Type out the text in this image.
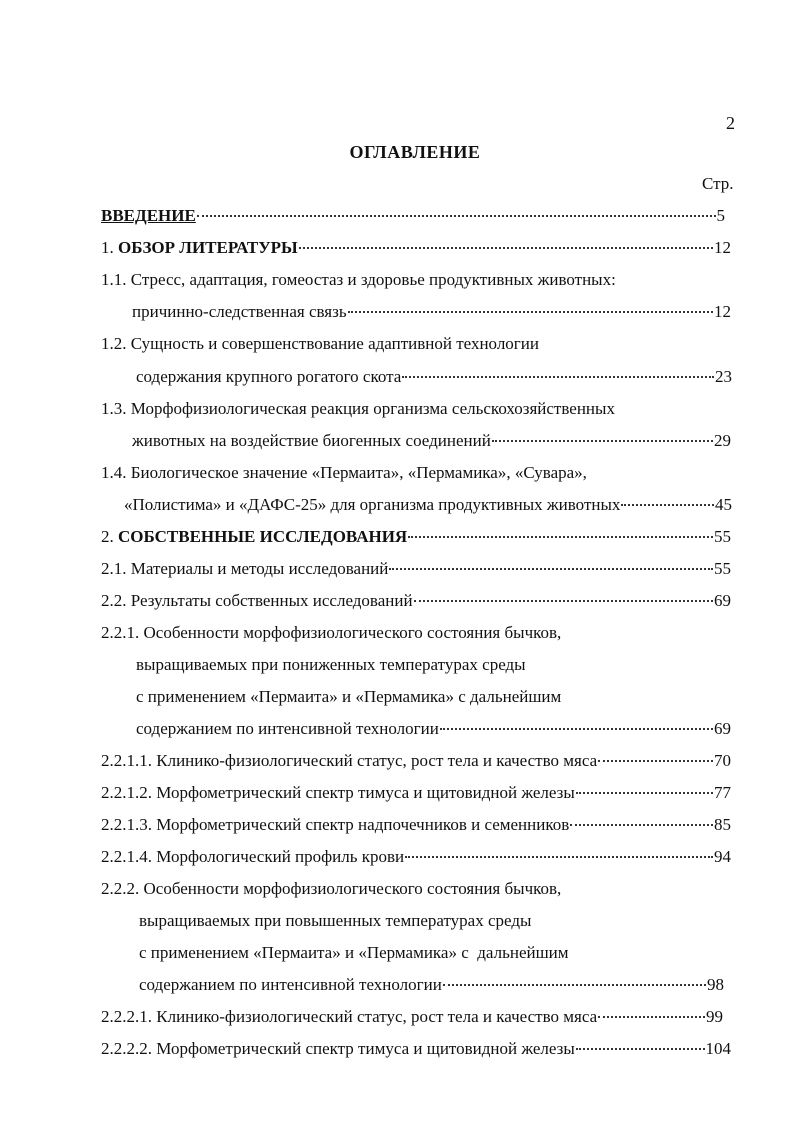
2
ОГЛАВЛЕНИЕ
Стр.
ВВЕДЕНИЕ	5
1. ОБЗОР ЛИТЕРАТУРЫ	12
1.1. Стресс, адаптация, гомеостаз и здоровье продуктивных животных:
причинно-следственная связь	12
1.2. Сущность и совершенствование адаптивной технологии
содержания крупного рогатого скота	23
1.3. Морфофизиологическая реакция организма сельскохозяйственных
животных на воздействие биогенных соединений	29
1.4. Биологическое значение «Пермаита», «Пермамика», «Сувара»,
«Полистима» и «ДАФС-25» для организма продуктивных животных	45
2. СОБСТВЕННЫЕ ИССЛЕДОВАНИЯ	55
2.1. Материалы и методы исследований	55
2.2. Результаты собственных исследований	69
2.2.1. Особенности морфофизиологического состояния бычков,
выращиваемых при пониженных температурах среды
с применением «Пермаита» и «Пермамика» с дальнейшим
содержанием по интенсивной технологии	69
2.2.1.1. Клинико-физиологический статус, рост тела и качество мяса	70
2.2.1.2. Морфометрический спектр тимуса и щитовидной железы	77
2.2.1.3. Морфометрический спектр надпочечников и семенников	85
2.2.1.4. Морфологический профиль крови	94
2.2.2. Особенности морфофизиологического состояния бычков,
выращиваемых при повышенных температурах среды
с применением «Пермаита» и «Пермамика» с  дальнейшим
содержанием по интенсивной технологии	98
2.2.2.1. Клинико-физиологический статус, рост тела и качество мяса	99
2.2.2.2. Морфометрический спектр тимуса и щитовидной железы	104
